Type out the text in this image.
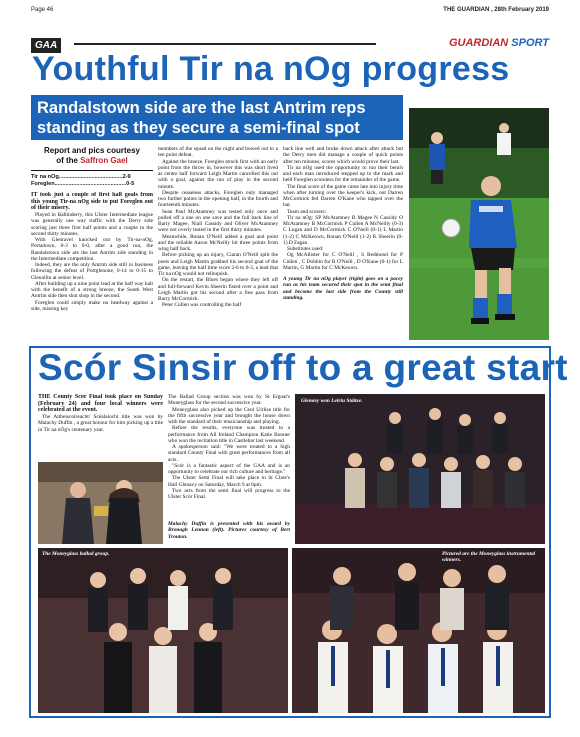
Page 46	THE GUARDIAN , 28th February 2019
GAA	GUARDIAN SPORT
Youthful Tir na nOg progress
Randalstown side are the last Antrim reps
standing as they secure a semi-final spot
Report and pics courtesy
of the Saffron Gael
Tir na nOg.........................................2-9
Foreglen..............................................0-5

IT took just a couple of first half goals from this young Tir-na nOg side to put Foreglen out of their misery.

Played in Ballinderry, this Ulster Intermediate league was generally one way traffic with the Derry side scoring just three first half points and a couple in the second thirty minutes.

With Glenravel knocked out by Tir-na-nOg, Portadown, 0-3 to 0-0, after a good run, the Randalstown side are the last Antrim side standing in the Intermediate competition.

Indeed, they are the only Antrim side still in business following the defeat of Portglenone, 0-14 to 0-15 to Glenullin at senior level.

After building up a nine point lead at the half way halt with the benefit of a strong breeze, the South West Antrim side then shut shop in the second.

Foreglen could simply make no headway against a side, missing key

members of the squad on the night and bowed out to a ten point defeat.

Against the breeze, Foreglen struck first with an early point from the throw in, however this was short lived as centre half forward Leigh Martin cancelled this out with a goal, against the run of play in the second minute.

Despite ceaseless attacks, Foreglen only managed two further points in the opening half, in the fourth and fourteenth minutes.

Sean Paul McAtamney was tested only once and pulled off a one on one save and the full back line of Barry Magee, Niall Cassidy and Oliver McAtamney were not overly tested in the first thirty minutes.

Meanwhile, Ronan O'Neill added a goal and point and the reliable Aaron McNeilly hit three points from wing half back.

Before picking up an injury, Ciaran O'Neill split the posts and Leigh Martin grabbed his second goal of the game, leaving the half time score 2-6 to 0-3, a lead that Tir na nOg would not relinquish.

On the restart, the Blues began where they left off and full-forward Kevin Sheerin fisted over a point and Leigh Martin got his second after a fine pass from Barry McCormick.

Peter Cullen was controlling the half

back line well and broke down attack after attack but the Derry men did manage a couple of quick points after ten minutes, scores which would prove their last.

Tir na nOg used the opportunity to run their bench and each man introduced stepped up to the mark and held Foreglen scoreless for the remainder of the game.

The final score of the game came late into injury time when after turning over the keeper's kick, out Darren McCormick fed Darren O'Kane who tapped over the bar.

Team and scorers:

Tir na nOg: SP McAtamney B Magee N Cassidy O McAtamney B McCormick P Cullen A McNeilly (0-3) C Logan and D McCormick C O'Neill (0-1) L Martin (1-2) C McKeown, Ronan O'Neill (1-2) K Sheerin (0-1) D Fagan

Substitutes used:

Og McAllister for C O'Neill , S Redmond for P Cullen , C Dobbin for R O'Neill , D O'Kane (0-1) for L Martin, G Martin for C McKeown.

A young Tir na nOg player (right) goes on a pacey run as his team secured their spot in the semi final and become the last side from the County still standing.

Scór Sinsir off to a great start

THE County Scór Final took place on Sunday (February 24) and four local winners were celebrated at the event.

The Aitheiscoireacht/ Scéalaíocht title was won by Malachy Duffin , a great honour for him picking up a title in Tír na nÓg's centenary year.

The Ballad Group section was won by St Ergnat's Moneyglass for the second successive year.

Moneyglass also picked up the Ceol Uirlise title for the fifth successive year and brought the house down with the standard of their musicianship and playing.

Before the results, everyone was treated to a performance from All Ireland Champion Katie Bonner who won the recitation title in Castlebar last weekend.

A spokesperson said: "We were treated to a high standard County Final with great performances from all acts.

"Scór is a fantastic aspect of the GAA and is an opportunity to celebrate our rich culture and heritage."

The Ulster Semi Final will take place in St Clare's Hall Glenavy on Saturday, March 9 at 6pm.

Two acts from the semi final will progress to the Ulster Scór Final.

Malachy Duffin is presented with his award by Bronagh Lennon (left). Pictures courtesy of Bert Trouton.

Glenavy won Leiriu Stáitse.
The Moneyglass ballad group.	Pictured are the Moneyglass instrumental winners.
